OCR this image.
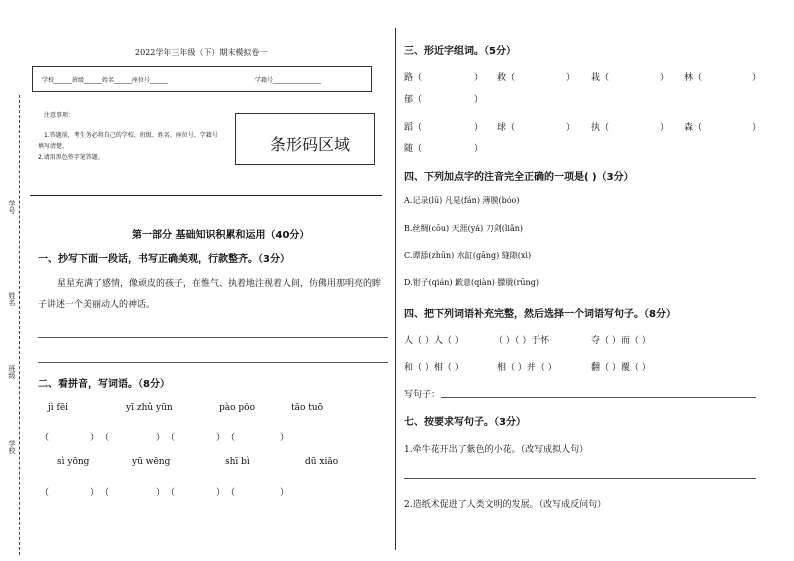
学号
姓名
班级
学校
2022学年三年级（下）期末模拟卷一
学校______班级______姓名______座位号______	学籍号________________
注意事项：
1.答题前，考生务必将自己的学校、班级、姓名、座位号、学籍号
填写清楚。
2.请用黑色签字笔答题。
条形码区域
第一部分 基础知识积累和运用（40分）
一、抄写下面一段话，书写正确美观，行款整齐。（3分）
星星充满了感情，像顽皮的孩子，在惟气、执着地注视着人间，仿佛用那明亮的眸
子讲述一个美丽动人的神话。
二、看拼音，写词语。（8分）
jì fēi	yī zhǔ yūn	pào pōo	tāo tuō
（	） （	） （	） （	）
sì yōng	yū wēng	shī bì	dū xiāo
（	） （	） （	） （	）
三、形近字组词。（5分）
路（	） 救（	） 栽（	） 林（	）
郁（	）
蹈（	） 球（	） 执（	） 森（	）
随（	）
四、下列加点字的注音完全正确的一项是( )（3分）
A.记录(lū) 凡是(fán) 薄膜(bóo)
B.丝绸(cōu) 天涯(yá) 刀剑(liǎn)
C.谭舔(zhūn) 水缸(gāng) 缝隙(xì)
D.钳子(qián) 歉意(qiàn) 朦胧(rūng)
四、把下列词语补充完整，然后选择一个词语写句子。（8分）
人（ ）人（ ）	（ ）（ ）于怀	夺（ ）而（ ）
和（ ）相（ ）	相（ ）并（ ）	翻（ ）覆（ ）
写句子：
七、按要求写句子。（3分）
1.牵牛花开出了紫色的小花。（改写成拟人句）
2.造纸术促进了人类文明的发展。（改写成反问句）
